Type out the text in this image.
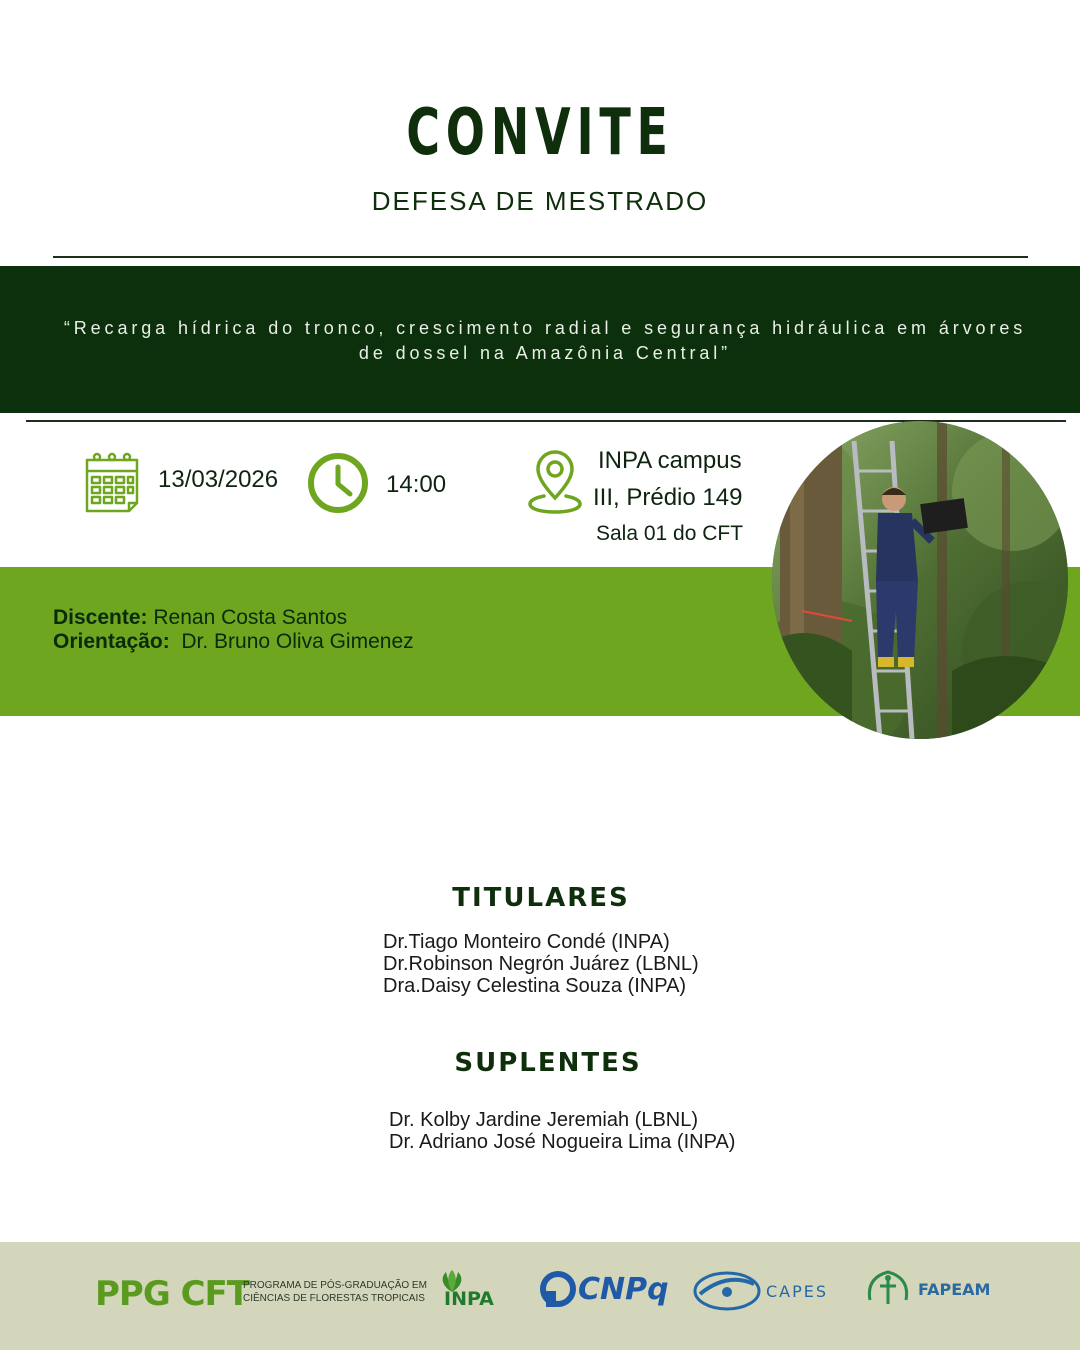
CONVITE
DEFESA DE MESTRADO
“Recarga hídrica do tronco, crescimento radial e segurança hidráulica em árvores
de dossel na Amazônia Central”
13/03/2026	14:00
INPA campus
III, Prédio 149
Sala 01 do CFT
Discente: Renan Costa Santos
Orientação: Dr. Bruno Oliva Gimenez
TITULARES
Dr.Tiago Monteiro Condé (INPA)
Dr.Robinson Negrón Juárez (LBNL)
Dra.Daisy Celestina Souza (INPA)
SUPLENTES
Dr. Kolby Jardine Jeremiah (LBNL)
Dr. Adriano José Nogueira Lima (INPA)
PPG CFT
PROGRAMA DE PÓS-GRADUAÇÃO EM
CIÊNCIAS DE FLORESTAS TROPICAIS INPA	CNPq	CAPES	FAPEAM
